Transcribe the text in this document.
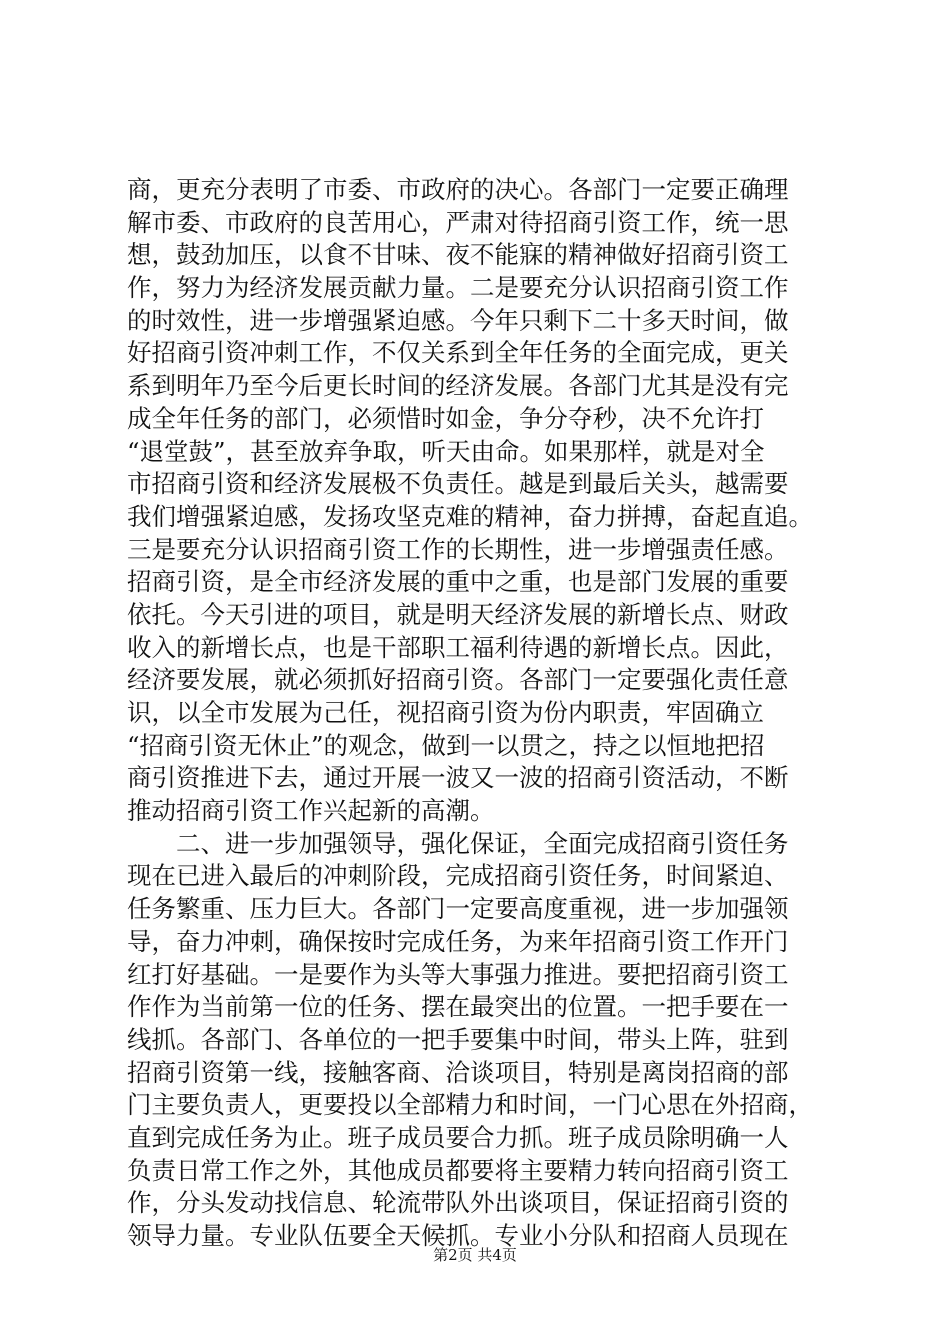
商，更充分表明了市委、市政府的决心。各部门一定要正确理
解市委、市政府的良苦用心，严肃对待招商引资工作，统一思
想，鼓劲加压，以食不甘味、夜不能寐的精神做好招商引资工
作，努力为经济发展贡献力量。二是要充分认识招商引资工作
的时效性，进一步增强紧迫感。今年只剩下二十多天时间，做
好招商引资冲刺工作，不仅关系到全年任务的全面完成，更关
系到明年乃至今后更长时间的经济发展。各部门尤其是没有完
成全年任务的部门，必须惜时如金，争分夺秒，决不允许打
“退堂鼓”，甚至放弃争取，听天由命。如果那样，就是对全
市招商引资和经济发展极不负责任。越是到最后关头，越需要
我们增强紧迫感，发扬攻坚克难的精神，奋力拼搏，奋起直追。
三是要充分认识招商引资工作的长期性，进一步增强责任感。
招商引资，是全市经济发展的重中之重，也是部门发展的重要
依托。今天引进的项目，就是明天经济发展的新增长点、财政
收入的新增长点，也是干部职工福利待遇的新增长点。因此，
经济要发展，就必须抓好招商引资。各部门一定要强化责任意
识，以全市发展为己任，视招商引资为份内职责，牢固确立
“招商引资无休止”的观念，做到一以贯之，持之以恒地把招
商引资推进下去，通过开展一波又一波的招商引资活动，不断
推动招商引资工作兴起新的高潮。
　　二、进一步加强领导，强化保证，全面完成招商引资任务
现在已进入最后的冲刺阶段，完成招商引资任务，时间紧迫、
任务繁重、压力巨大。各部门一定要高度重视，进一步加强领
导，奋力冲刺，确保按时完成任务，为来年招商引资工作开门
红打好基础。一是要作为头等大事强力推进。要把招商引资工
作作为当前第一位的任务、摆在最突出的位置。一把手要在一
线抓。各部门、各单位的一把手要集中时间，带头上阵，驻到
招商引资第一线，接触客商、洽谈项目，特别是离岗招商的部
门主要负责人，更要投以全部精力和时间，一门心思在外招商，
直到完成任务为止。班子成员要合力抓。班子成员除明确一人
负责日常工作之外，其他成员都要将主要精力转向招商引资工
作，分头发动找信息、轮流带队外出谈项目，保证招商引资的
领导力量。专业队伍要全天候抓。专业小分队和招商人员现在
第2页 共4页
